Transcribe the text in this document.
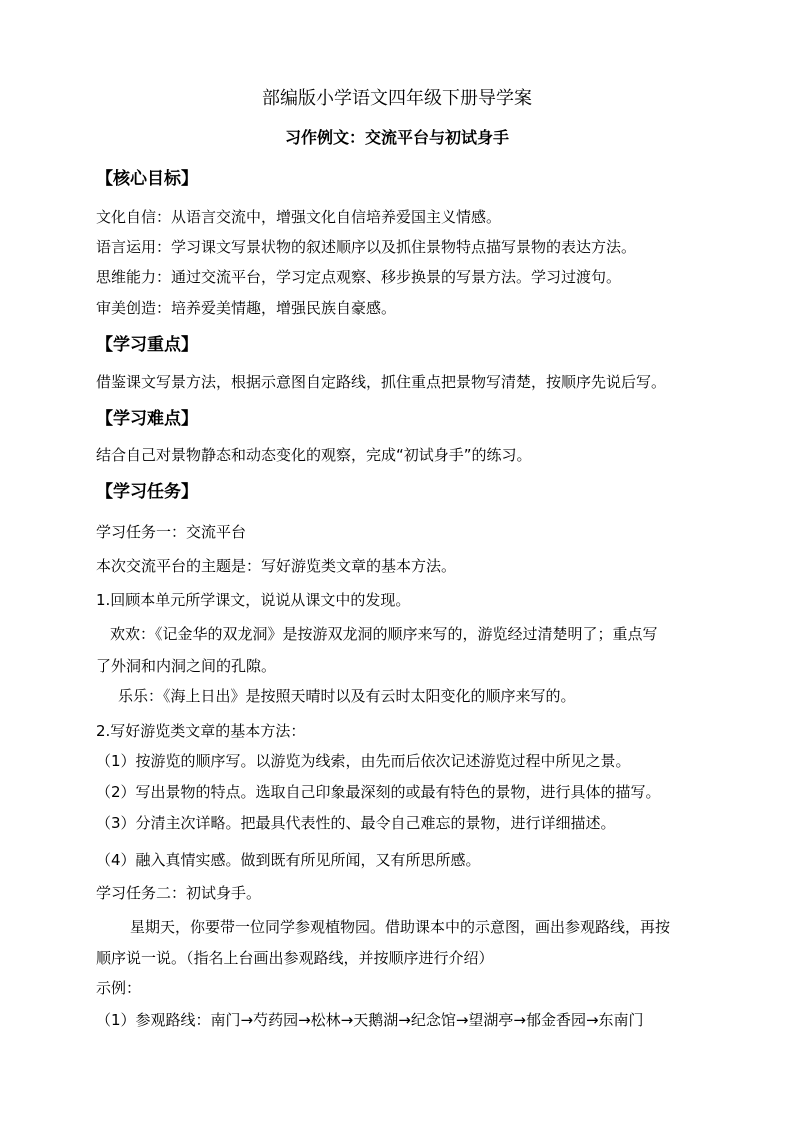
部编版小学语文四年级下册导学案
习作例文：交流平台与初试身手
【核心目标】
文化自信：从语言交流中，增强文化自信培养爱国主义情感。
语言运用：学习课文写景状物的叙述顺序以及抓住景物特点描写景物的表达方法。
思维能力：通过交流平台，学习定点观察、移步换景的写景方法。学习过渡句。
审美创造：培养爱美情趣，增强民族自豪感。
【学习重点】
借鉴课文写景方法，根据示意图自定路线，抓住重点把景物写清楚，按顺序先说后写。
【学习难点】
结合自己对景物静态和动态变化的观察，完成“初试身手”的练习。
【学习任务】
学习任务一：交流平台
本次交流平台的主题是：写好游览类文章的基本方法。
1.回顾本单元所学课文，说说从课文中的发现。
欢欢：《记金华的双龙洞》是按游双龙洞的顺序来写的，游览经过清楚明了；重点写
了外洞和内洞之间的孔隙。
乐乐：《海上日出》是按照天晴时以及有云时太阳变化的顺序来写的。
2.写好游览类文章的基本方法：
（1）按游览的顺序写。以游览为线索，由先而后依次记述游览过程中所见之景。
（2）写出景物的特点。选取自己印象最深刻的或最有特色的景物，进行具体的描写。
（3）分清主次详略。把最具代表性的、最令自己难忘的景物，进行详细描述。
（4）融入真情实感。做到既有所见所闻，又有所思所感。
学习任务二：初试身手。
星期天，你要带一位同学参观植物园。借助课本中的示意图，画出参观路线，再按
顺序说一说。（指名上台画出参观路线，并按顺序进行介绍）
示例：
（1）参观路线：南门→芍药园→松林→天鹅湖→纪念馆→望湖亭→郁金香园→东南门
